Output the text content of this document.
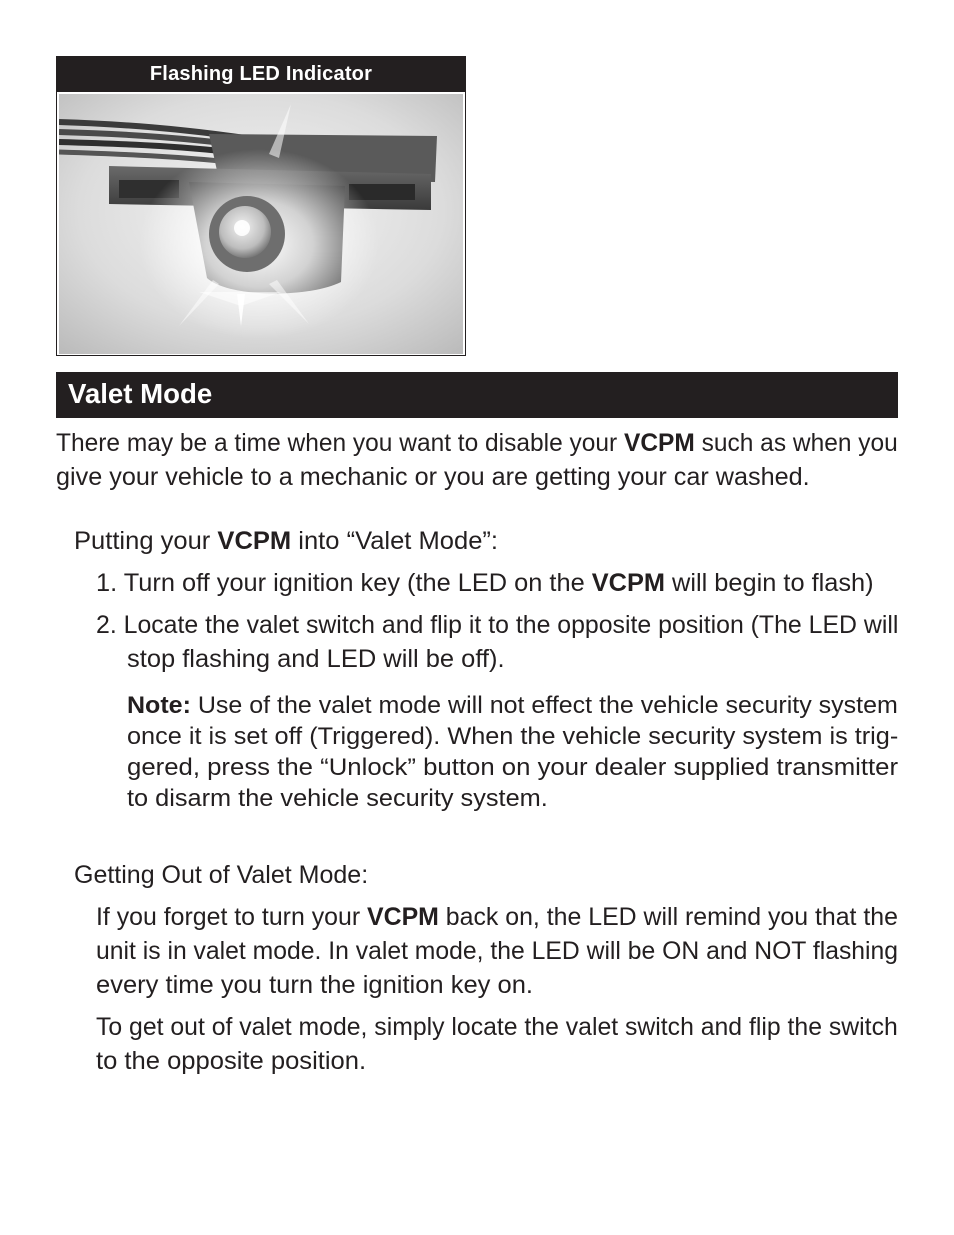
Flashing LED Indicator
Valet Mode
There may be a time when you want to disable your VCPM such as when you
give your vehicle to a mechanic or you are getting your car washed.
Putting your VCPM into “Valet Mode”:
1. Turn off your ignition key (the LED on the VCPM will begin to flash)
2. Locate the valet switch and flip it to the opposite position (The LED will
stop flashing and LED will be off).
Note: Use of the valet mode will not effect the vehicle security system
once it is set off (Triggered). When the vehicle security system is trig-
gered, press the “Unlock” button on your dealer supplied transmitter
to disarm the vehicle security system.
Getting Out of Valet Mode:
If you forget to turn your VCPM back on, the LED will remind you that the
unit is in valet mode. In valet mode, the LED will be ON and NOT flashing
every time you turn the ignition key on.
To get out of valet mode, simply locate the valet switch and flip the switch
to the opposite position.
